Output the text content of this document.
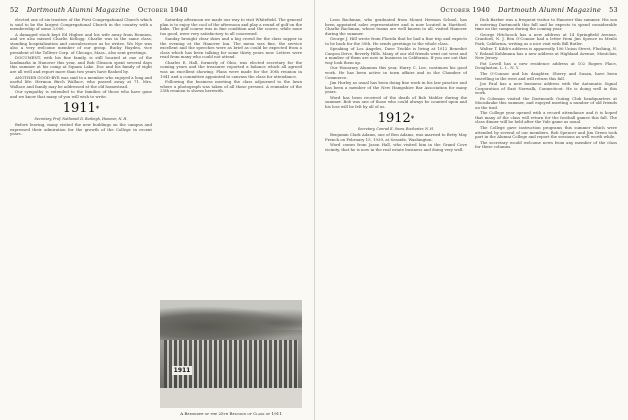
52 Dartmouth Alumni Magazine October 1940

elected one of six trustees of the First Congregational Church which is said to be the largest Congregational Church in the country with a membership of some 3,000.

A damaged stock kept Ed Higbee and his wife away from Reunion, and we also missed Charlie Kellogg. Charlie was in the same class, standing hospitalization and convalescence as he writes. Wo Nye was also a very welcome member of our group. Bucky Hayden, vice president of the Tolliver Corp. of Chicago, Mass., also sent greetings.

DOCUMENT, with his fine family, is still located at one of the landmarks in Hanover this year, and Bob Gleason spent several days this summer at his camp at Squam Lake. Doc and his family of eight are all well and report more than two years have flashed by.

ANOTHER GOOD-BYE was said to a member who enjoyed a long and useful life: Hermon Birch Wallace, who passed away at 71. Mrs. Wallace and family may be addressed at the old homestead.

Our sympathy is extended to the families of those who have gone and we know that many of you will wish to write.

1911*
Secretary, Prof. Nathaniel D. Burleigh, Hanover, N. H.

Before leaving, many visited the new buildings on the campus and expressed their admiration for the growth of the College in recent years.

Saturday afternoon we made our way to visit Whitefield. The general plan is to enjoy the cool of the afternoon and play a round of golf on the links. The golf course was in fine condition and the scores, while none too good, were very satisfactory to all concerned.

Sunday brought clear skies and a big crowd for the class supper in the evening at the Hanover Inn. The menu was fine, the service excellent and the speeches were as brief as could be expected from a class which has been talking for some thirty years now. Letters were read from many who could not attend.

Charles E. Hall, formerly of Ohio, was elected secretary for the coming years and the treasurer reported a balance which all agreed was an excellent showing. Plans were made for the 30th reunion in 1941 and a committee appointed to canvass the class for attendance.

Following the business meeting the class adjourned to the lawn where a photograph was taken of all those present. A reminder of the 25th reunion is shown herewith.

1911
A Reminder of the 25th Reunion of Class of 1911
October 1940 Dartmouth Alumni Magazine 53

Leon Bachman, who graduated from Mount Hermon School, has been appointed sales representative and is now located in Hartford. Charlie Bachman, whose teams are well known to all, visited Hanover during the summer.

George J. Hill wrote from Florida that he had a fine trip and expects to be back for the 30th. He sends greetings to the whole class.

Speaking of Los Angeles, Dave Trickle is living at 1012 Benedict Canyon Drive, Beverly Hills. Many of our old friends went out west and a number of them are now in business in California. If you are out that way look them up.

Our Honorary Alumnus this year, Harry C. Lee, continues his good work. He has been active in town affairs and in the Chamber of Commerce.

Jim Hurley as usual has been doing fine work in his law practice and has been a member of the New Hampshire Bar Association for many years.

Word has been received of the death of Bob Mahler during the summer. Bob was one of those who could always be counted upon and his loss will be felt by all of us.

1912*
Secretary, Conrad E. Snow, Rochester, N. H.

Benjamin Clark Adams, one of Ben Adams, was married to Betty May French on February 15, 1939, at Seaside, Washington.

Word comes from Jason Hall, who visited him in the Grand Cove vicinity, that he is now in the real estate business and doing very well.

Dick Barber was a frequent visitor to Hanover this summer. His son is entering Dartmouth this fall and he expects to spend considerable time on the campus during the coming year.

George Hitchcock has a new address at 14 Springfield Avenue, Cranford, N. J. Ben O'Connor had a letter from Jim Spence in Menlo Park, California, writing as a nice visit with Bill Butler.

Walter T. Kibb's address is apparently 106 Union Street, Flushing, N. Y. Roland Kuhlmann has a new address at Highland Avenue, Montclair, New Jersey.

Pat Lovell has a new residence address at 102 Rogers Place, Douglaston, L. I., N. Y.

The O'Connor and his daughter, Sherry and Susan, have been travelling in the west and will return this fall.

Joe Paul has a new business address with the Automatic Signal Corporation of East Norwalk, Connecticut. He is doing well in this work.

Pa Coleman visited the Dartmouth Outing Club headquarters at Moosilauke this summer, and enjoyed meeting a number of old friends on the trail.

The College year opened with a record attendance and it is hoped that many of the class will return for the football games this fall. The class dinner will be held after the Yale game as usual.

The College gave instruction programs this summer which were attended by several of our members. Bob Spencer and Jim Green took part in the Alumni College and report the sessions as well worth while.

The secretary would welcome news from any member of the class for these columns.
